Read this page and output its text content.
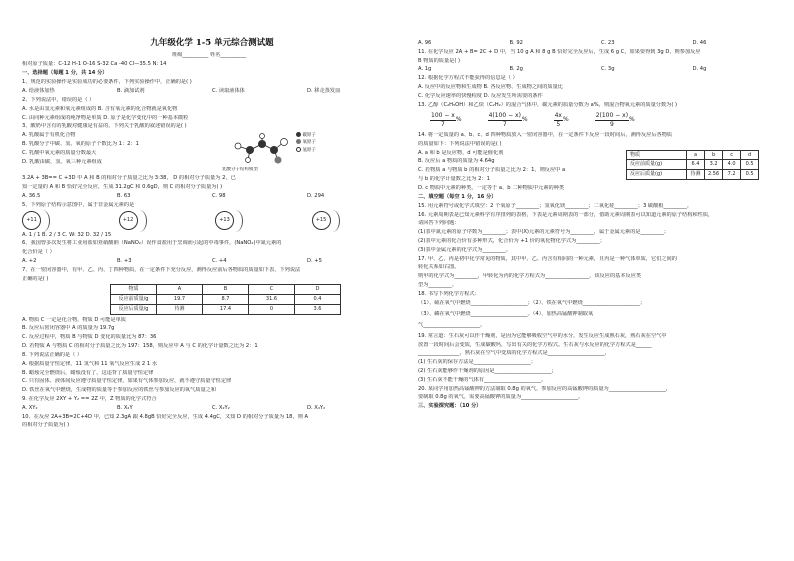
九年级化学 1-5 单元综合测试题
班级__________ 姓名__________
相对原子质量：C-12 H-1 O-16 S-32 Ca -40 Cl—35.5 N: 14
一、选择题（每题 1 分，共 14 分）
1、规范的实验操作是实验成功的必要条件，下列实验操作中，正确的是( )
A. 给液体加热	B. 滴加试剂	C. 读取液体体	D. 移走蒸发皿
2、下列说法中，错误的是（ ）
A. 水是由氢元素和氧元素组成的 B. 含有氧元素的化合物就是氧化物
C. 由同种元素组成的纯净物是单质 D. 原子是化学变化中的一种基本微粒
3、酸奶中含有的乳酸对健康是有益的，下列关于乳酸的叙述错误的是( )
A. 乳酸属于有机化合物
B. 乳酸分子中碳、氢、氧的原子个数比为 1：2：1
C. 乳酸中氧元素的质量分数最大
D. 乳酸由碳、氢、氧三种元素组成
碳原子
氧原子
氢原子
乳酸分子结构模型
3.2A + 3B== C +3D 中 A 和 B 的相对分子质量之比为 3:38， D 的相对分子质量为 2，已
知一定量的 A 和 B 恰好完全反应，生成 31.2gC 和 0.6gD，则 C 的相对分子质量为( )
A. 36.5	B. 63	C. 98	D. 294
5、下列原子结构示意图中，属于非金属元素的是
+11	+12	+13	+15
A. 1 / 1 B. 2 / 3 C. W: 32 D. 32 / 15
6、我国曾多次发生将工业用盐如亚硝酸钠（NaNO₂）误作食盐用于烹调而引起的中毒事件，(NaNO₂)中氮元素的
化合价是（ ）
A. +2	B. +3	C. +4	D. +5
7、在一密闭容器中，有甲、乙、丙、丁四种物质，在一定条件下充分反应，测得反应前后各物质的质量如下表，下列说法
正确的是( )
物质	A	B	C	D
反应前质量/g	19.7	8.7	31.6	0.4
反应后质量/g	待测	17.4	0	3.6
A. 物质 C 一定是化合物，物质 D 可能是单质
B. 反应后密闭容器中 A 的质量为 19.7g
C. 反应过程中，物质 B 与物质 D 变化的质量比为 87：36
D. 若物质 A 与物质 C 的相对分子质量之比为 197：158，则反应中 A 与 C 的化学计量数之比为 2：1
8. 下列说法正确的是（ ）
A. 根据质量守恒定律，11 氢气和 11 氧气反应生成 2 1 水
B. 蜡烛完全燃烧后，蜡烛没有了，这违背了质量守恒定律
C. 只有固体、液体间反应遵守质量守恒定律，如果有气体参加反应，就不遵守质量守恒定律
D. 铁丝在氧气中燃烧，生成物的质量等于参加反应的铁丝与参加反应的氧气质量之和
9. 在化学反应 2XY + Y₂ == 2Z 中，Z 物质的化学式符合
A. XY₂	B. X₂Y	C. X₂Y₂	D. X₃Y₂
10、在反应 2A+3B=2C+4D 中，已知 2.3gA 跟 4.8gB 恰好完全反应，生成 4.4gC，又知 D 的相对分子质量为 18，则 A
的相对分子质量为( )
A. 96	B. 92	C. 23	D. 46
11. 在化学反应 2A + B= 2C + D 中，当 10 g A 和 8 g B 恰好完全反应后，生成 6 g C，如果要得到 3g D，则参加反应
B 物质的质量是( )
A. 1g	B. 2g	C. 3g	D. 4g
12. 根据化学方程式不能获得的信息是（ ）
A. 反应中的反应物和生成物 B. 各反应物、生成物之间的质量比
C. 化学反应速率的快慢程度 D. 反应发生所需要的条件
13. 乙醇（C₂H₅OH）和乙炔（C₂H₂）的混合气体中，碳元素的质量分数为 a%，则混合物氧元素的质量分数为( )
100 − x
7
%
4(100 − x)
7
%
4x
5
%	$\frac{2(100 - x)}{9}$ %
14. 将一定质量的 a、b、c、d 四种物质放入一密闭容器中，在一定条件下反应一段时间后，测得反应后各物质
的质量如下：下列说法中错误的是( )
A. a 和 b 是反应物，d 可能是催化剂
B. 反应后 a 物质的质量为 4.64g
C. 若物质 a 与物质 b 的相对分子质量之比为 2：1，则反应中 a
与 b 的化学计量数之比为 2：1
物质	a	b	c	d
反应前质量(g)	6.4	3.2	4.0	0.5
反应后质量(g)	待测	2.56	7.2	0.5
D. c 物质中元素的种类，一定等于 a、b 二种物质中元素的种类
二、填空题（每空 1 分，16 分）
15. 用元素符号或化学式填空：2 个氧原子_________；氢氧化镁_________；二氧化硅_________；3 碳酸根_________。
16. 元素周期表是已知元素科学有序排列的表格，下表是元素周期表的一部分，借助元素周期表可以知道元素的原子结构和性质，
请回答下列问题：
(1)表中氮元素的原子序数为_________；表中(X)元素的元素符号为_________，属于金属元素的是_________；
(2)表中元素的化合价有多种形式，化合价为 +1 价的氧化物化学式为_________；
(3)表中金属元素的化学式为_________。
17. 甲、乙、丙是初中化学常见的物质，其中甲、乙、丙含有相同的一种元素，且丙是一种气体单质，它们之间的
转化关系如右图。
则甲的化学式为_________，甲转化为丙的化学方程式为_________________，该反应的基本反应类
型为_________。
18. 书写下列化学方程式：
（1）、硫在氧气中燃烧______________________；（2）、铁在氧气中燃烧______________________；
（3）、磷在氧气中燃烧______________________。（4）、加热高锰酸钾制取氧
气______________________。
19. 常言道：生石灰可以作干燥剂，是因为它能够吸收空气中的水分，发生反应生成熟石灰，熟石灰在空气中
放置一段时间后会变质，生成碳酸钙，写出有关的化学方程式。生石灰与水反应的化学方程式是______
________________，熟石灰在空气中变质的化学方程式是______________________，
(1) 生石灰的保存方法是______________________；
(2) 生石灰能够作干燥剂的原因是______________________；
(3) 生石灰不能干燥的气体有______________________。
20. 某同学用加热高锰酸钾的方法制取 0.8g 的氧气，参加反应的高锰酸钾的质量为______________________，
要制取 0.8g 的氧气，需要高锰酸钾的质量为______________________。
三、实验探究题：（10 分）
